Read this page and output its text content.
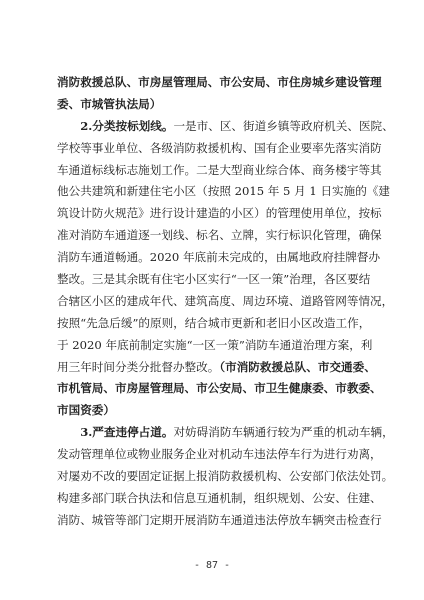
消防救援总队、市房屋管理局、市公安局、市住房城乡建设管理
委、市城管执法局）
　　2.分类按标划线。一是市、区、街道乡镇等政府机关、医院、
学校等事业单位、各级消防救援机构、国有企业要率先落实消防
车通道标线标志施划工作。二是大型商业综合体、商务楼宇等其
他公共建筑和新建住宅小区（按照 2015 年 5 月 1 日实施的《建
筑设计防火规范》进行设计建造的小区）的管理使用单位，按标
准对消防车通道逐一划线、标名、立牌，实行标识化管理，确保
消防车通道畅通。2020 年底前未完成的，由属地政府挂牌督办
整改。三是其余既有住宅小区实行“一区一策”治理，各区要结
合辖区小区的建成年代、建筑高度、周边环境、道路管网等情况，
按照“先急后缓”的原则，结合城市更新和老旧小区改造工作，
于 2020 年底前制定实施“一区一策”消防车通道治理方案，利
用三年时间分类分批督办整改。（市消防救援总队、市交通委、
市机管局、市房屋管理局、市公安局、市卫生健康委、市教委、
市国资委）
　　3.严查违停占道。对妨碍消防车辆通行较为严重的机动车辆，
发动管理单位或物业服务企业对机动车违法停车行为进行劝离，
对屡劝不改的要固定证据上报消防救援机构、公安部门依法处罚。
构建多部门联合执法和信息互通机制，组织规划、公安、住建、
消防、城管等部门定期开展消防车通道违法停放车辆突击检查行
- 87 -
